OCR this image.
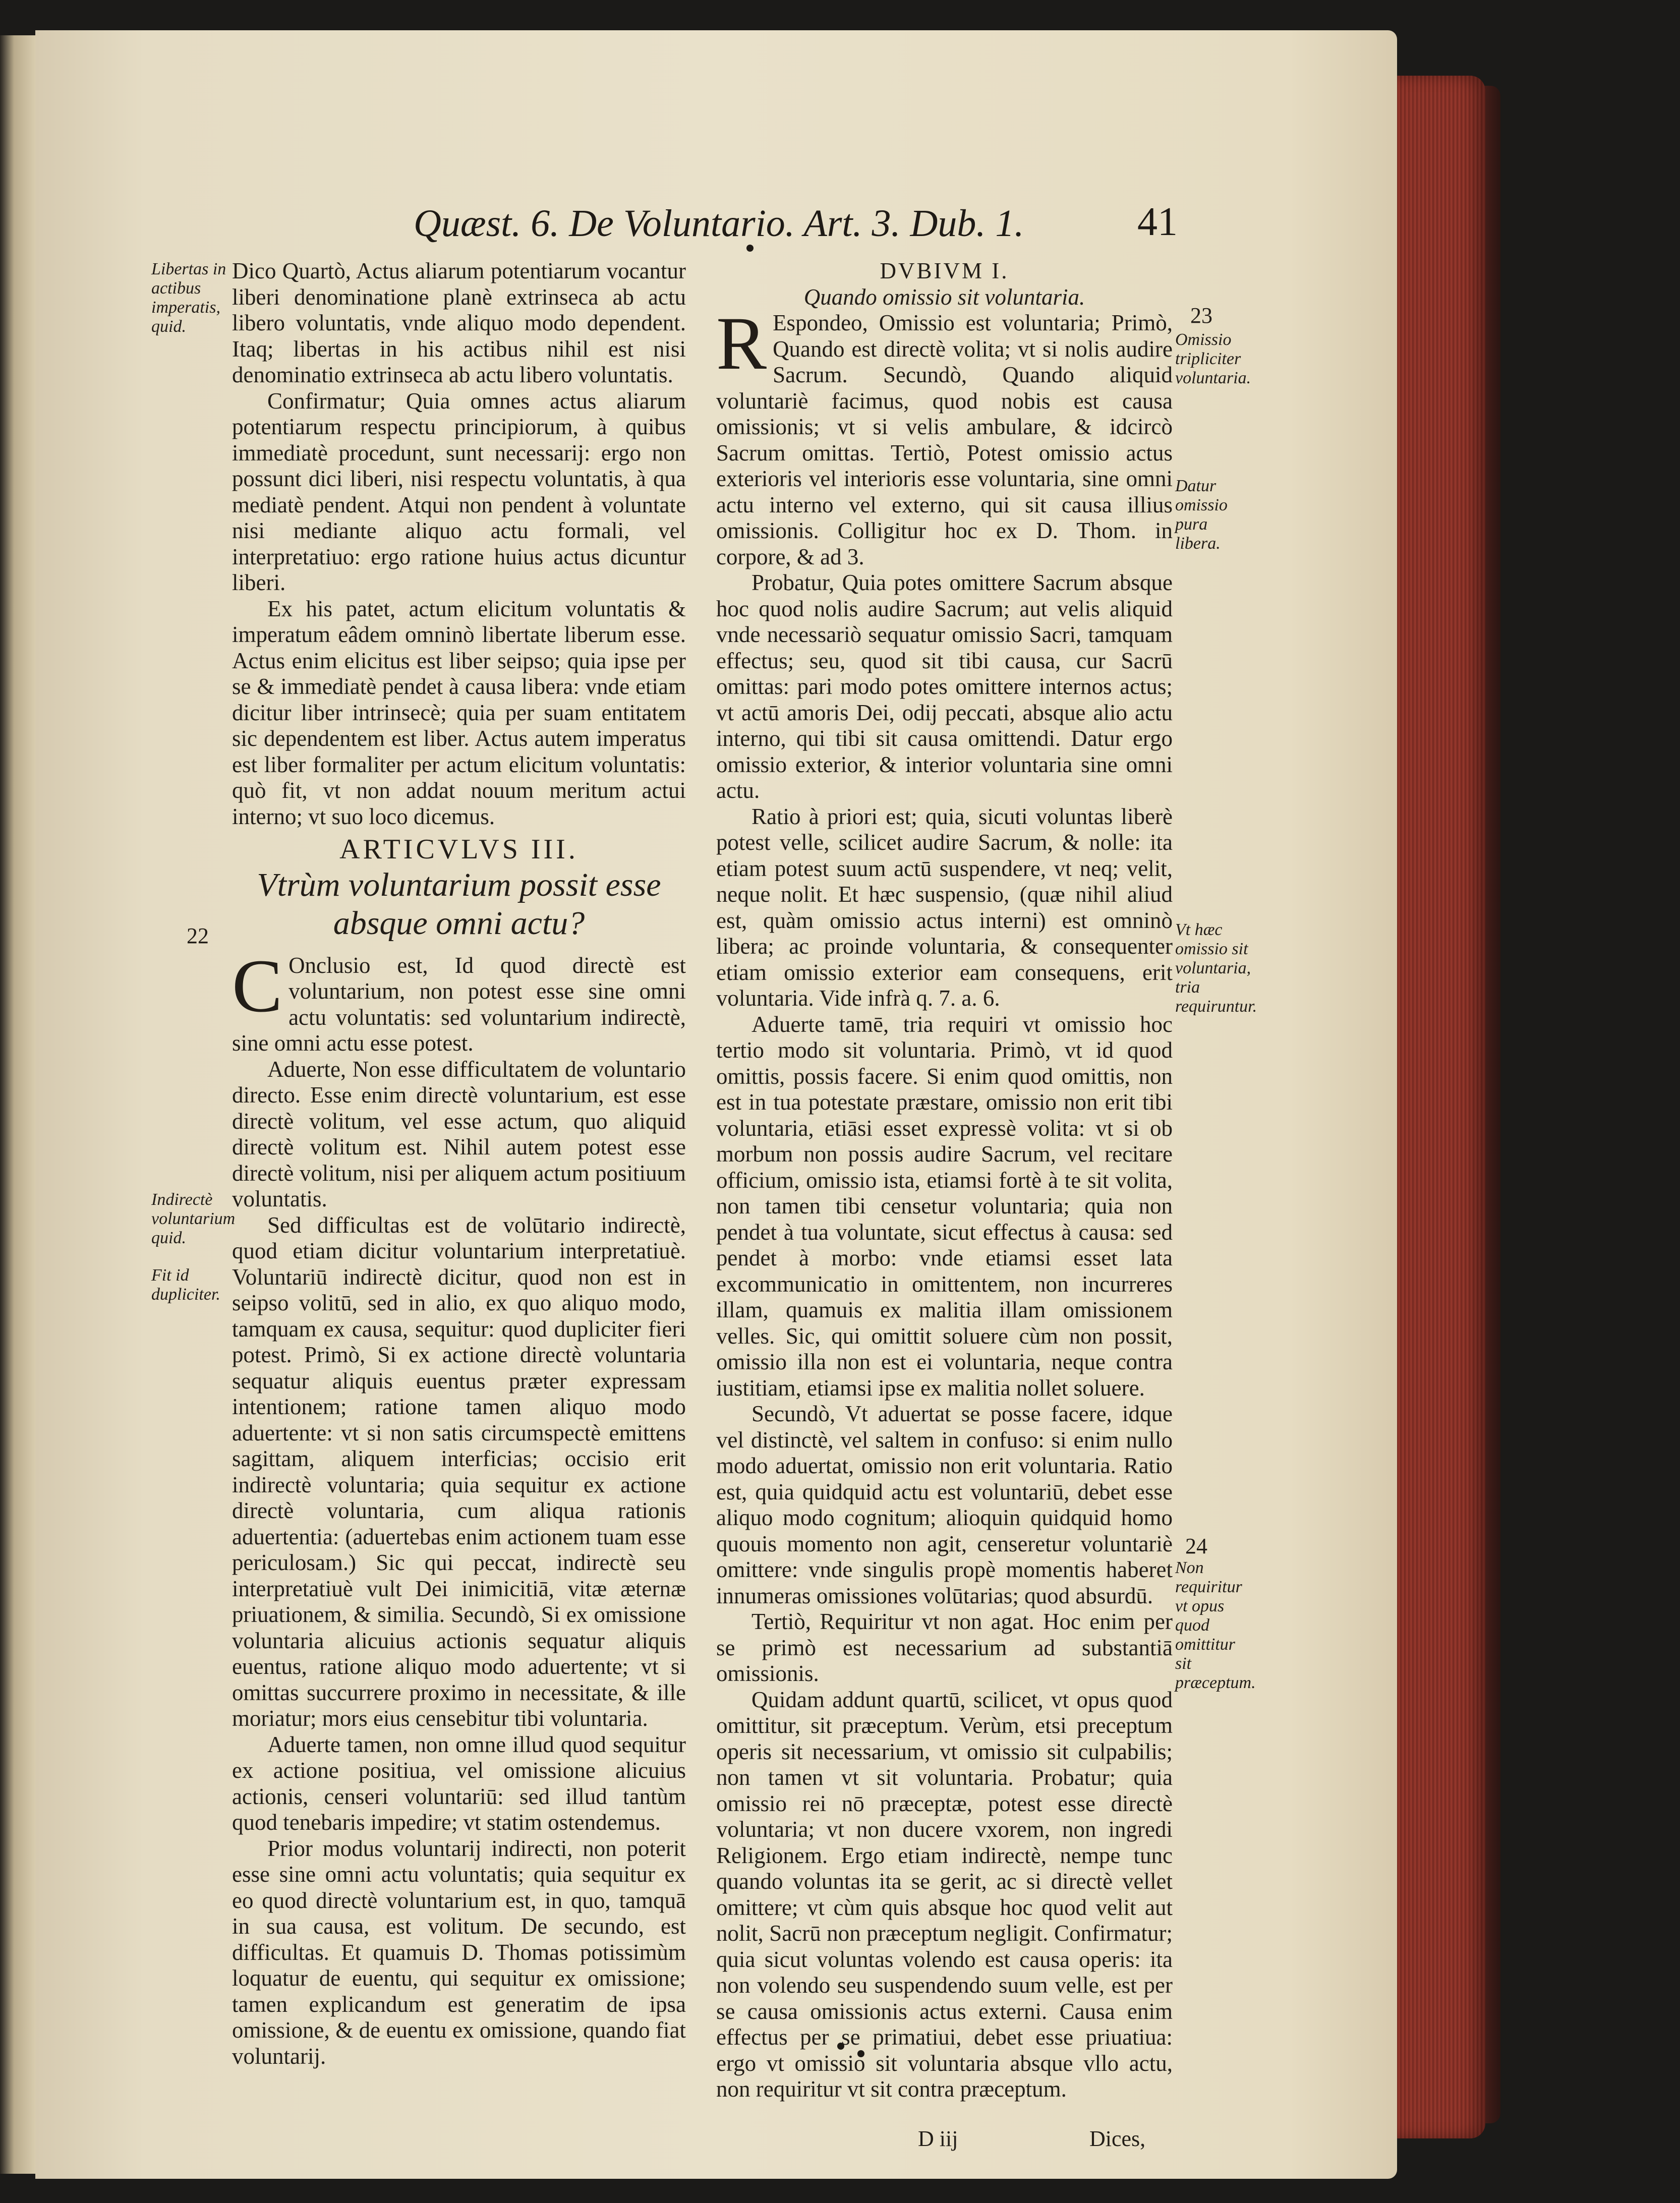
Quæst. 6. De Voluntario. Art. 3. Dub. 1.	41
Libertas in actibus imperatis, quid.
22
Indirectè voluntarium quid.
Fit id dupliciter.
23
Omissio tripliciter voluntaria.
Datur omissio pura libera.
Vt hæc omissio sit voluntaria, tria requiruntur.
24
Non requiritur vt opus quod omittitur sit præceptum.

Dico Quartò, Actus aliarum potentiarum vocantur liberi denominatione planè extrinseca ab actu libero voluntatis, vnde aliquo modo dependent. Itaq; libertas in his actibus nihil est nisi denominatio extrinseca ab actu libero voluntatis.

Confirmatur; Quia omnes actus aliarum potentiarum respectu principiorum, à quibus immediatè procedunt, sunt necessarij: ergo non possunt dici liberi, nisi respectu voluntatis, à qua mediatè pendent. Atqui non pendent à voluntate nisi mediante aliquo actu formali, vel interpretatiuo: ergo ratione huius actus dicuntur liberi.

Ex his patet, actum elicitum voluntatis & imperatum eâdem omninò libertate liberum esse. Actus enim elicitus est liber seipso; quia ipse per se & immediatè pendet à causa libera: vnde etiam dicitur liber intrinsecè; quia per suam entitatem sic dependentem est liber. Actus autem imperatus est liber formaliter per actum elicitum voluntatis: quò fit, vt non addat nouum meritum actui interno; vt suo loco dicemus.

ARTICVLVS III.
Vtrùm voluntarium possit esse absque omni actu?

C Onclusio est, Id quod directè est voluntarium, non potest esse sine omni actu voluntatis: sed voluntarium indirectè, sine omni actu esse potest.

Aduerte, Non esse difficultatem de voluntario directo. Esse enim directè voluntarium, est esse directè volitum, vel esse actum, quo aliquid directè volitum est. Nihil autem potest esse directè volitum, nisi per aliquem actum positiuum voluntatis.

Sed difficultas est de volūtario indirectè, quod etiam dicitur voluntarium interpretatiuè. Voluntariū indirectè dicitur, quod non est in seipso volitū, sed in alio, ex quo aliquo modo, tamquam ex causa, sequitur: quod dupliciter fieri potest. Primò, Si ex actione directè voluntaria sequatur aliquis euentus præter expressam intentionem; ratione tamen aliquo modo aduertente: vt si non satis circumspectè emittens sagittam, aliquem interficias; occisio erit indirectè voluntaria; quia sequitur ex actione directè voluntaria, cum aliqua rationis aduertentia: (aduertebas enim actionem tuam esse periculosam.) Sic qui peccat, indirectè seu interpretatiuè vult Dei inimicitiā, vitæ æternæ priuationem, & similia. Secundò, Si ex omissione voluntaria alicuius actionis sequatur aliquis euentus, ratione aliquo modo aduertente; vt si omittas succurrere proximo in necessitate, & ille moriatur; mors eius censebitur tibi voluntaria.

Aduerte tamen, non omne illud quod sequitur ex actione positiua, vel omissione alicuius actionis, censeri voluntariū: sed illud tantùm quod tenebaris impedire; vt statim ostendemus.

Prior modus voluntarij indirecti, non poterit esse sine omni actu voluntatis; quia sequitur ex eo quod directè voluntarium est, in quo, tamquā in sua causa, est volitum. De secundo, est difficultas. Et quamuis D. Thomas potissimùm loquatur de euentu, qui sequitur ex omissione; tamen explicandum est generatim de ipsa omissione, & de euentu ex omissione, quando fiat voluntarij.

DVBIVM I.
Quando omissio sit voluntaria.

R Espondeo, Omissio est voluntaria; Primò, Quando est directè volita; vt si nolis audire Sacrum. Secundò, Quando aliquid voluntariè facimus, quod nobis est causa omissionis; vt si velis ambulare, & idcircò Sacrum omittas. Tertiò, Potest omissio actus exterioris vel interioris esse voluntaria, sine omni actu interno vel externo, qui sit causa illius omissionis. Colligitur hoc ex D. Thom. in corpore, & ad 3.

Probatur, Quia potes omittere Sacrum absque hoc quod nolis audire Sacrum; aut velis aliquid vnde necessariò sequatur omissio Sacri, tamquam effectus; seu, quod sit tibi causa, cur Sacrū omittas: pari modo potes omittere internos actus; vt actū amoris Dei, odij peccati, absque alio actu interno, qui tibi sit causa omittendi. Datur ergo omissio exterior, & interior voluntaria sine omni actu.

Ratio à priori est; quia, sicuti voluntas liberè potest velle, scilicet audire Sacrum, & nolle: ita etiam potest suum actū suspendere, vt neq; velit, neque nolit. Et hæc suspensio, (quæ nihil aliud est, quàm omissio actus interni) est omninò libera; ac proinde voluntaria, & consequenter etiam omissio exterior eam consequens, erit voluntaria. Vide infrà q. 7. a. 6.

Aduerte tamē, tria requiri vt omissio hoc tertio modo sit voluntaria. Primò, vt id quod omittis, possis facere. Si enim quod omittis, non est in tua potestate præstare, omissio non erit tibi voluntaria, etiāsi esset expressè volita: vt si ob morbum non possis audire Sacrum, vel recitare officium, omissio ista, etiamsi fortè à te sit volita, non tamen tibi censetur voluntaria; quia non pendet à tua voluntate, sicut effectus à causa: sed pendet à morbo: vnde etiamsi esset lata excommunicatio in omittentem, non incurreres illam, quamuis ex malitia illam omissionem velles. Sic, qui omittit soluere cùm non possit, omissio illa non est ei voluntaria, neque contra iustitiam, etiamsi ipse ex malitia nollet soluere.

Secundò, Vt aduertat se posse facere, idque vel distinctè, vel saltem in confuso: si enim nullo modo aduertat, omissio non erit voluntaria. Ratio est, quia quidquid actu est voluntariū, debet esse aliquo modo cognitum; alioquin quidquid homo quouis momento non agit, censeretur voluntariè omittere: vnde singulis propè momentis haberet innumeras omissiones volūtarias; quod absurdū.

Tertiò, Requiritur vt non agat. Hoc enim per se primò est necessarium ad substantiā omissionis.

Quidam addunt quartū, scilicet, vt opus quod omittitur, sit præceptum. Verùm, etsi preceptum operis sit necessarium, vt omissio sit culpabilis; non tamen vt sit voluntaria. Probatur; quia omissio rei nō præceptæ, potest esse directè voluntaria; vt non ducere vxorem, non ingredi Religionem. Ergo etiam indirectè, nempe tunc quando voluntas ita se gerit, ac si directè vellet omittere; vt cùm quis absque hoc quod velit aut nolit, Sacrū non præceptum negligit. Confirmatur; quia sicut voluntas volendo est causa operis: ita non volendo seu suspendendo suum velle, est per se causa omissionis actus externi. Causa enim effectus per se primatiui, debet esse priuatiua: ergo vt omissio sit voluntaria absque vllo actu, non requiritur vt sit contra præceptum.

D iij	Dices,
